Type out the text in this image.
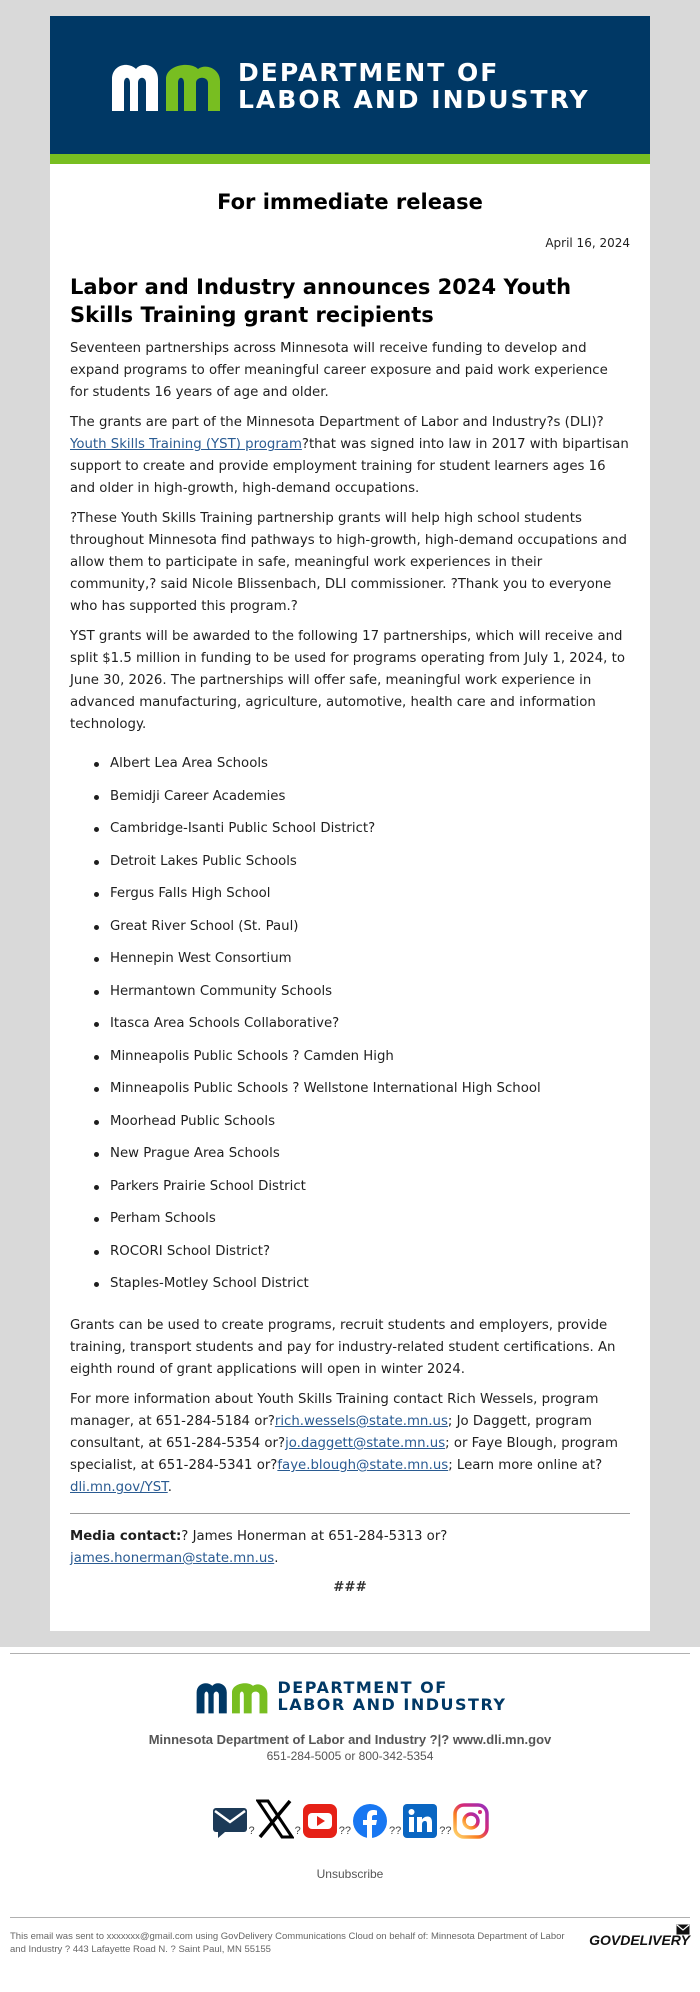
DEPARTMENT OF
LABOR AND INDUSTRY
For immediate release
April 16, 2024
Labor and Industry announces 2024 Youth Skills Training grant recipients

Seventeen partnerships across Minnesota will receive funding to develop and expand programs to offer meaningful career exposure and paid work experience for students 16 years of age and older.

The grants are part of the Minnesota Department of Labor and Industry?s (DLI)?Youth Skills Training (YST) program?that was signed into law in 2017 with bipartisan support to create and provide employment training for student learners ages 16 and older in high-growth, high-demand occupations.

?These Youth Skills Training partnership grants will help high school students throughout Minnesota find pathways to high-growth, high-demand occupations and allow them to participate in safe, meaningful work experiences in their community,? said Nicole Blissenbach, DLI commissioner. ?Thank you to everyone who has supported this program.?

YST grants will be awarded to the following 17 partnerships, which will receive and split $1.5 million in funding to be used for programs operating from July 1, 2024, to June 30, 2026. The partnerships will offer safe, meaningful work experience in advanced manufacturing, agriculture, automotive, health care and information technology.

Albert Lea Area Schools
Bemidji Career Academies
Cambridge-Isanti Public School District?
Detroit Lakes Public Schools
Fergus Falls High School
Great River School (St. Paul)
Hennepin West Consortium
Hermantown Community Schools
Itasca Area Schools Collaborative?
Minneapolis Public Schools ? Camden High
Minneapolis Public Schools ? Wellstone International High School
Moorhead Public Schools
New Prague Area Schools
Parkers Prairie School District
Perham Schools
ROCORI School District?
Staples-Motley School District

Grants can be used to create programs, recruit students and employers, provide training, transport students and pay for industry-related student certifications. An eighth round of grant applications will open in winter 2024.

For more information about Youth Skills Training contact Rich Wessels, program manager, at 651-284-5184 or?rich.wessels@state.mn.us; Jo Daggett, program consultant, at 651-284-5354 or?jo.daggett@state.mn.us; or Faye Blough, program specialist, at 651-284-5341 or?faye.blough@state.mn.us; Learn more online at?dli.mn.gov/YST.

Media contact:? James Honerman at 651-284-5313 or?james.honerman@state.mn.us.

###
DEPARTMENT OF
LABOR AND INDUSTRY
Minnesota Department of Labor and Industry ?|? www.dli.mn.gov
651-284-5005 or 800-342-5354
?	?	??	??	??
Unsubscribe
This email was sent to xxxxxxx@gmail.com using GovDelivery Communications Cloud on behalf of: Minnesota Department of Labor and Industry ? 443 Lafayette Road N. ? Saint Paul, MN 55155
GOVDELIVERY
